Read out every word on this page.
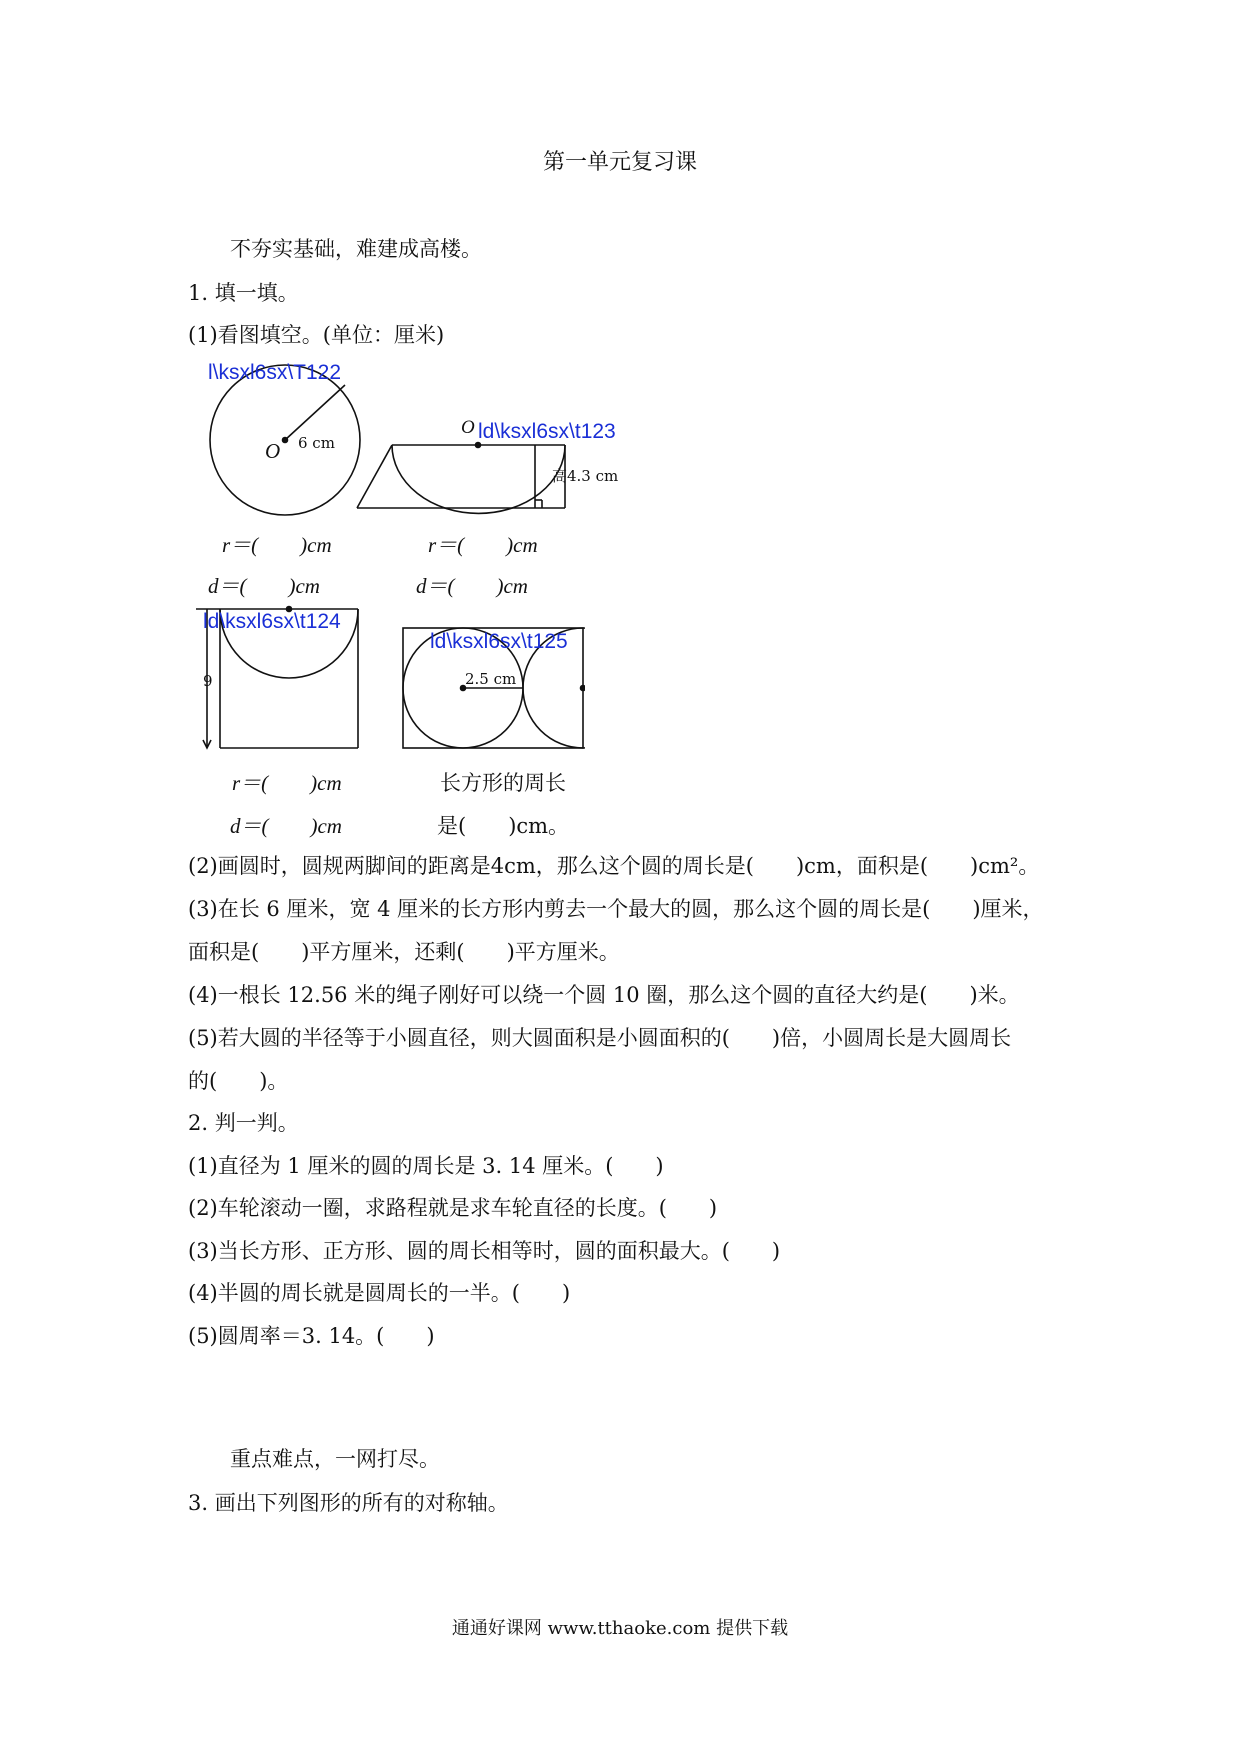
第一单元复习课
不夯实基础，难建成高楼。
1. 填一填。
(1)看图填空。(单位：厘米)
l\ksxl6sx\T122
O 6 cm
O ld\ksxl6sx\t123
高4.3 cm
r＝(　　)cm	r＝(　　)cm
d＝(　　)cm	d＝(　　)cm
ld\ksxl6sx\t124
9
ld\ksxl6sx\t125
2.5 cm
r＝(　　)cm
d＝(　　)cm
长方形的周长
是(　　)cm。
(2)画圆时，圆规两脚间的距离是4cm，那么这个圆的周长是(　　)cm，面积是(　　)cm²。
(3)在长 6 厘米，宽 4 厘米的长方形内剪去一个最大的圆，那么这个圆的周长是(　　)厘米，
面积是(　　)平方厘米，还剩(　　)平方厘米。
(4)一根长 12.56 米的绳子刚好可以绕一个圆 10 圈，那么这个圆的直径大约是(　　)米。
(5)若大圆的半径等于小圆直径，则大圆面积是小圆面积的(　　)倍，小圆周长是大圆周长
的(　　)。
2. 判一判。
(1)直径为 1 厘米的圆的周长是 3. 14 厘米。(　　)
(2)车轮滚动一圈，求路程就是求车轮直径的长度。(　　)
(3)当长方形、正方形、圆的周长相等时，圆的面积最大。(　　)
(4)半圆的周长就是圆周长的一半。(　　)
(5)圆周率＝3. 14。(　　)
重点难点，一网打尽。
3. 画出下列图形的所有的对称轴。
通通好课网 www.tthaoke.com 提供下载
